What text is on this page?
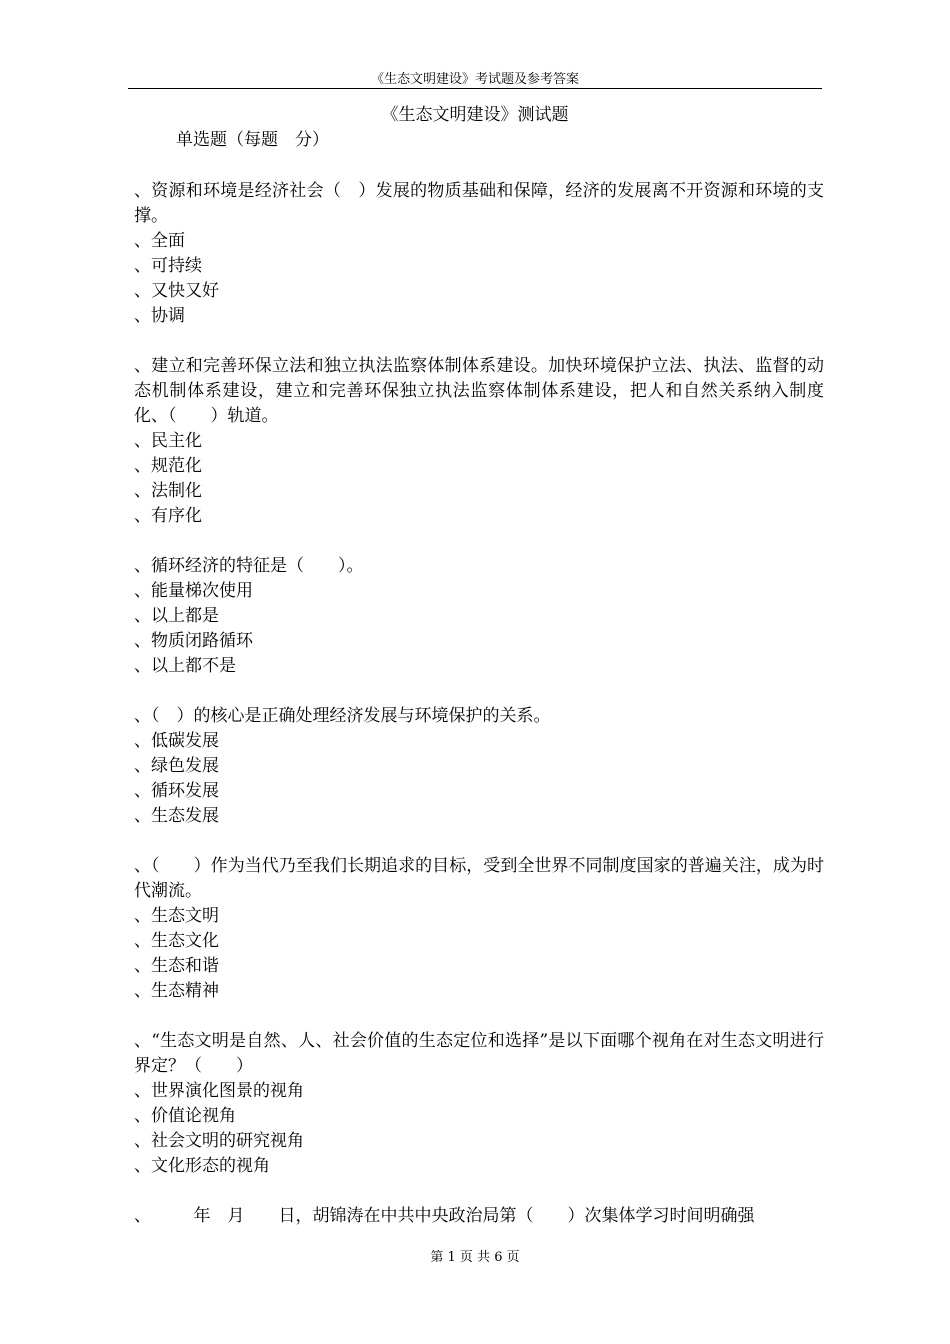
《生态文明建设》考试题及参考答案
《生态文明建设》测试题
单选题（每题　分）
、资源和环境是经济社会（　）发展的物质基础和保障，经济的发展离不开资源和环境的支撑。
、全面
、可持续
、又快又好
、协调
、建立和完善环保立法和独立执法监察体制体系建设。加快环境保护立法、执法、监督的动态机制体系建设，建立和完善环保独立执法监察体制体系建设，把人和自然关系纳入制度化、（　　）轨道。
、民主化
、规范化
、法制化
、有序化
、循环经济的特征是（　　）。
、能量梯次使用
、以上都是
、物质闭路循环
、以上都不是
、（　）的核心是正确处理经济发展与环境保护的关系。
、低碳发展
、绿色发展
、循环发展
、生态发展
、（　　）作为当代乃至我们长期追求的目标，受到全世界不同制度国家的普遍关注，成为时代潮流。
、生态文明
、生态文化
、生态和谐
、生态精神
、“生态文明是自然、人、社会价值的生态定位和选择”是以下面哪个视角在对生态文明进行界定？（　　）
、世界演化图景的视角
、价值论视角
、社会文明的研究视角
、文化形态的视角
、　　　年　月　　日，胡锦涛在中共中央政治局第（　　）次集体学习时间明确强
第 1 页 共 6 页
